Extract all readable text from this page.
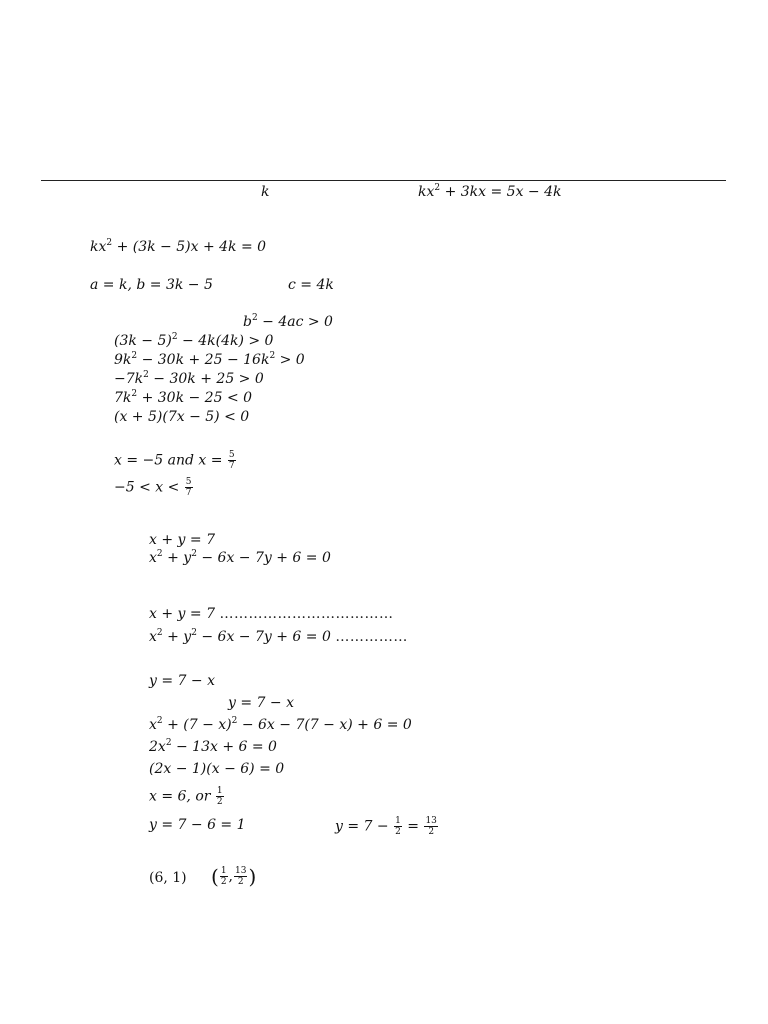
k	$kx^2 + 3kx = 5x - 4k$
$kx^2 + (3k - 5)x + 4k = 0$
a = k, b = 3k − 5	c = 4k
$b^2 - 4ac > 0$
$(3k - 5)^2 - 4k(4k) > 0$
$9k^2 - 30k + 25 - 16k^2 > 0$
$-7k^2 - 30k + 25 > 0$
$7k^2 + 30k - 25 < 0$
(x + 5)(7x − 5) < 0
x = −5 and $x = \frac{5}{7}$
$-5 < x < \frac{5}{7}$
x + y = 7
$x^2 + y^2 - 6x - 7y + 6 = 0$
x + y = 7 ………………………………
$x^2 + y^2 - 6x - 7y + 6 = 0$ ……………
y = 7 − x
y = 7 − x
$x^2 + (7 - x)^2 - 6x - 7(7 - x) + 6 = 0$
$2x^2 - 13x + 6 = 0$
(2x − 1)(x − 6) = 0
x = 6, or $\frac{1}{2}$
y = 7 − 6 = 1	$y = 7 - \frac{1}{2} = \frac{13}{2}$
(6, 1) ( $\frac{1}{2}$ , $\frac{13}{2}$ )
